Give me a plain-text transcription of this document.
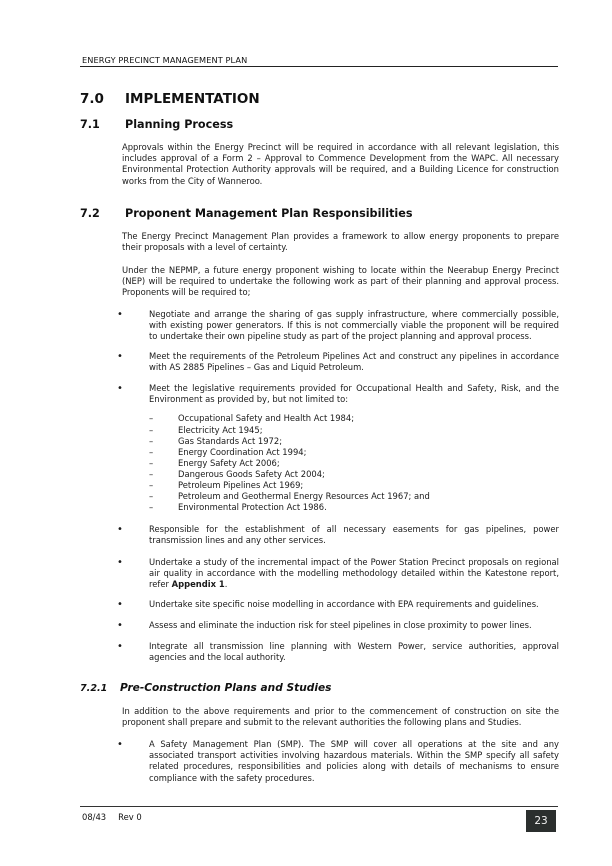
ENERGY PRECINCT MANAGEMENT PLAN
7.0 IMPLEMENTATION
7.1 Planning Process
Approvals within the Energy Precinct will be required in accordance with all relevant legislation, this includes approval of a Form 2 – Approval to Commence Development from the WAPC. All necessary Environmental Protection Authority approvals will be required, and a Building Licence for construction works from the City of Wanneroo.
7.2 Proponent Management Plan Responsibilities
The Energy Precinct Management Plan provides a framework to allow energy proponents to prepare their proposals with a level of certainty.
Under the NEPMP, a future energy proponent wishing to locate within the Neerabup Energy Precinct (NEP) will be required to undertake the following work as part of their planning and approval process. Proponents will be required to;
•	Negotiate and arrange the sharing of gas supply infrastructure, where commercially possible, with existing power generators. If this is not commercially viable the proponent will be required to undertake their own pipeline study as part of the project planning and approval process.
•	Meet the requirements of the Petroleum Pipelines Act and construct any pipelines in accordance with AS 2885 Pipelines – Gas and Liquid Petroleum.
•	Meet the legislative requirements provided for Occupational Health and Safety, Risk, and the Environment as provided by, but not limited to:
–	Occupational Safety and Health Act 1984;
–	Electricity Act 1945;
–	Gas Standards Act 1972;
–	Energy Coordination Act 1994;
–	Energy Safety Act 2006;
–	Dangerous Goods Safety Act 2004;
–	Petroleum Pipelines Act 1969;
–	Petroleum and Geothermal Energy Resources Act 1967; and
–	Environmental Protection Act 1986.
•	Responsible for the establishment of all necessary easements for gas pipelines, power transmission lines and any other services.
•	Undertake a study of the incremental impact of the Power Station Precinct proposals on regional air quality in accordance with the modelling methodology detailed within the Katestone report, refer Appendix 1.
•	Undertake site specific noise modelling in accordance with EPA requirements and guidelines.
•	Assess and eliminate the induction risk for steel pipelines in close proximity to power lines.
•	Integrate all transmission line planning with Western Power, service authorities, approval agencies and the local authority.
7.2.1 Pre-Construction Plans and Studies
In addition to the above requirements and prior to the commencement of construction on site the proponent shall prepare and submit to the relevant authorities the following plans and Studies.
•	A Safety Management Plan (SMP). The SMP will cover all operations at the site and any associated transport activities involving hazardous materials. Within the SMP specify all safety related procedures, responsibilities and policies along with details of mechanisms to ensure compliance with the safety procedures.
08/43 Rev 0	23
